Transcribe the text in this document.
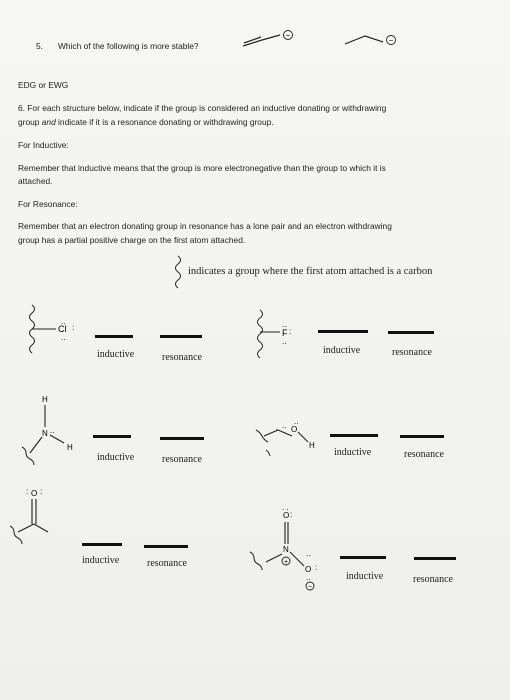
5. Which of the following is more stable?
−
−
EDG or EWG
6. For each structure below, indicate if the group is considered an inductive donating or withdrawing
group and indicate if it is a resonance donating or withdrawing group.
For Inductive:
Remember that inductive means that the group is more electronegative than the group to which it is
attached.
For Resonance:
Remember that an electron donating group in resonance has a lone pair and an electron withdrawing
group has a partial positive charge on the first atom attached.
indicates a group where the first atom attached is a carbon
Cl :
..
..
inductive	resonance
F :
..
..
inductive	resonance
H
N ..
H
inductive	resonance
O
..
..
H
inductive	resonance
O
: :
inductive	resonance
. .
O :
N
+
..
O :
..
−
inductive	resonance
